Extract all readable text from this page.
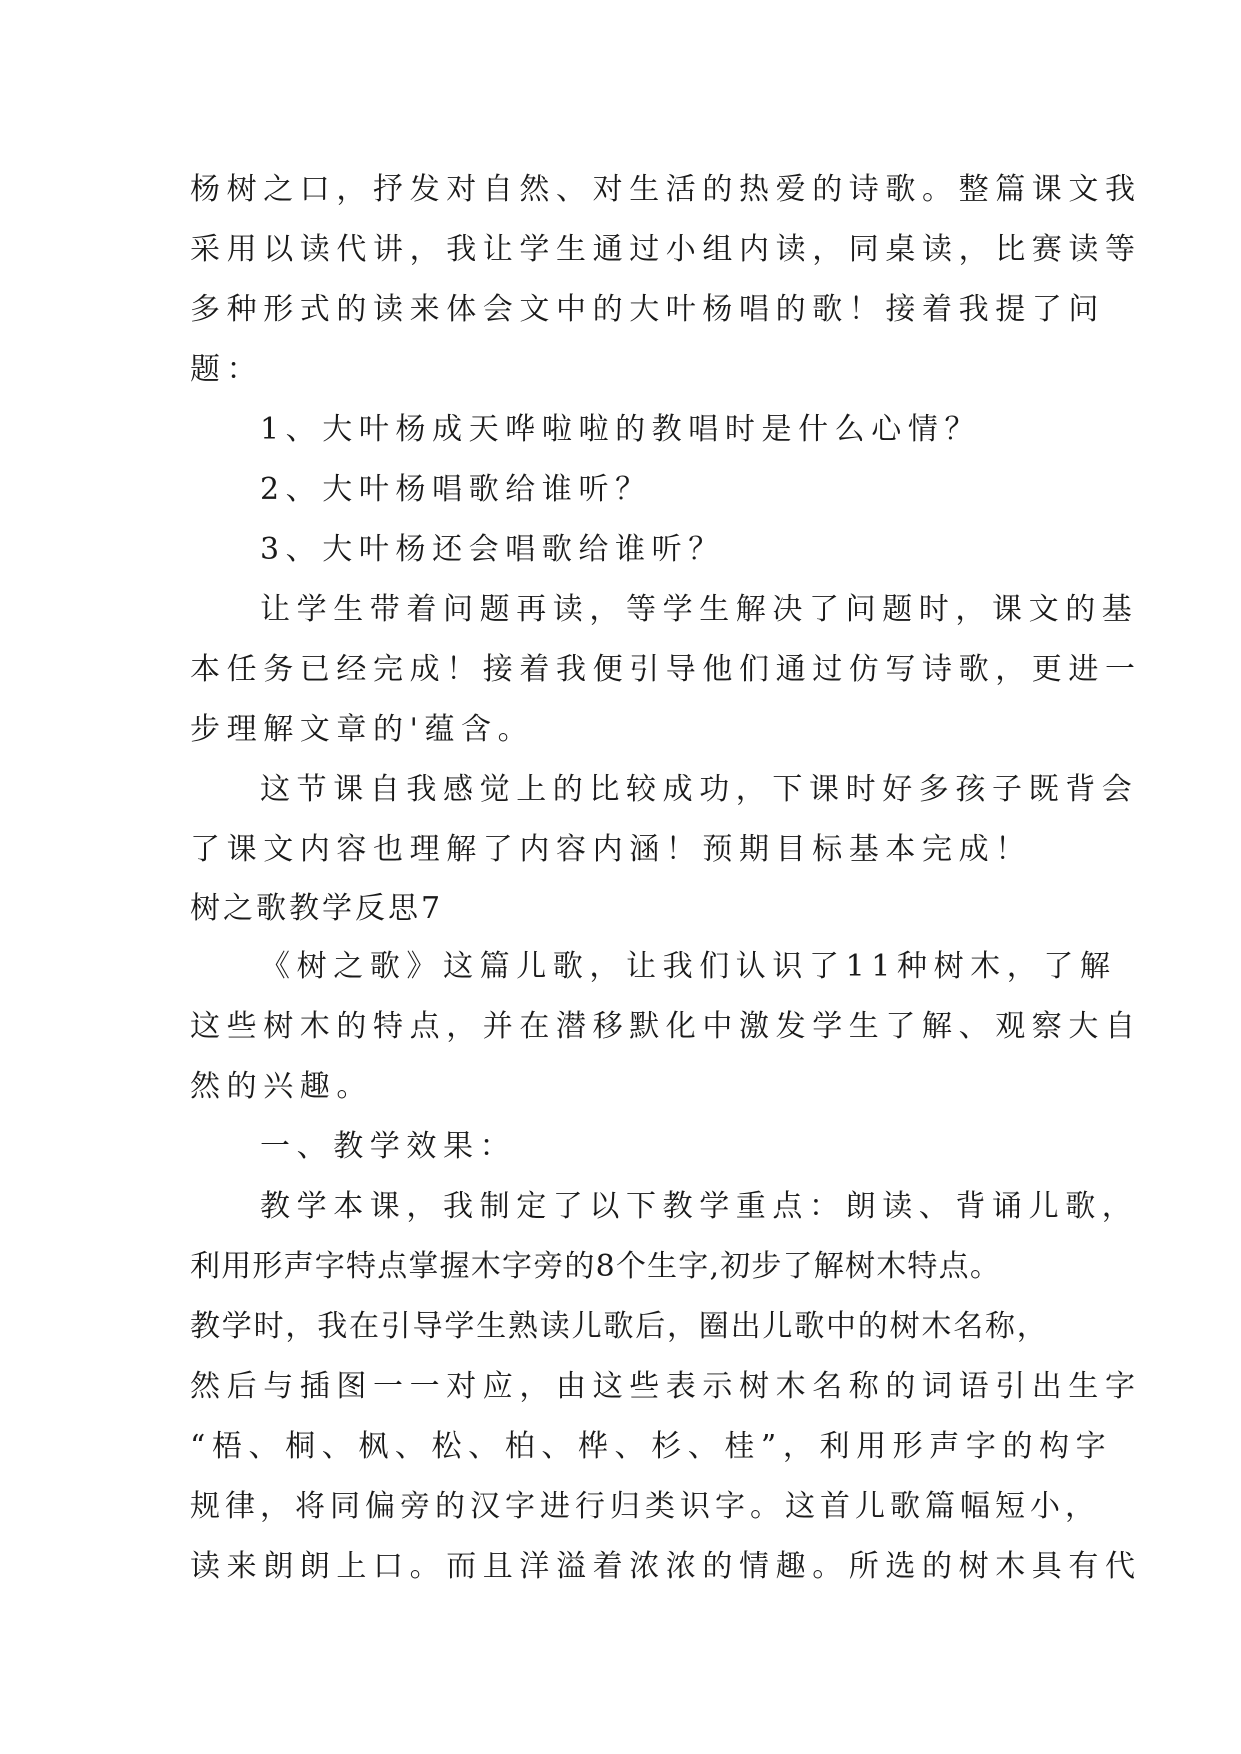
杨树之口，抒发对自然、对生活的热爱的诗歌。整篇课文我
采用以读代讲，我让学生通过小组内读，同桌读，比赛读等
多种形式的读来体会文中的大叶杨唱的歌！接着我提了问
题：
1、大叶杨成天哗啦啦的教唱时是什么心情？
2、大叶杨唱歌给谁听？
3、大叶杨还会唱歌给谁听？
让学生带着问题再读，等学生解决了问题时，课文的基
本任务已经完成！接着我便引导他们通过仿写诗歌，更进一
步理解文章的'蕴含。
这节课自我感觉上的比较成功，下课时好多孩子既背会
了课文内容也理解了内容内涵！预期目标基本完成！
树之歌教学反思7
《树之歌》这篇儿歌，让我们认识了11种树木，了解
这些树木的特点，并在潜移默化中激发学生了解、观察大自
然的兴趣。
一、教学效果：
教学本课，我制定了以下教学重点：朗读、背诵儿歌，
利用形声字特点掌握木字旁的8个生字,初步了解树木特点。
教学时，我在引导学生熟读儿歌后，圈出儿歌中的树木名称，
然后与插图一一对应，由这些表示树木名称的词语引出生字
“梧、桐、枫、松、柏、桦、杉、桂”，利用形声字的构字
规律，将同偏旁的汉字进行归类识字。这首儿歌篇幅短小，
读来朗朗上口。而且洋溢着浓浓的情趣。所选的树木具有代
